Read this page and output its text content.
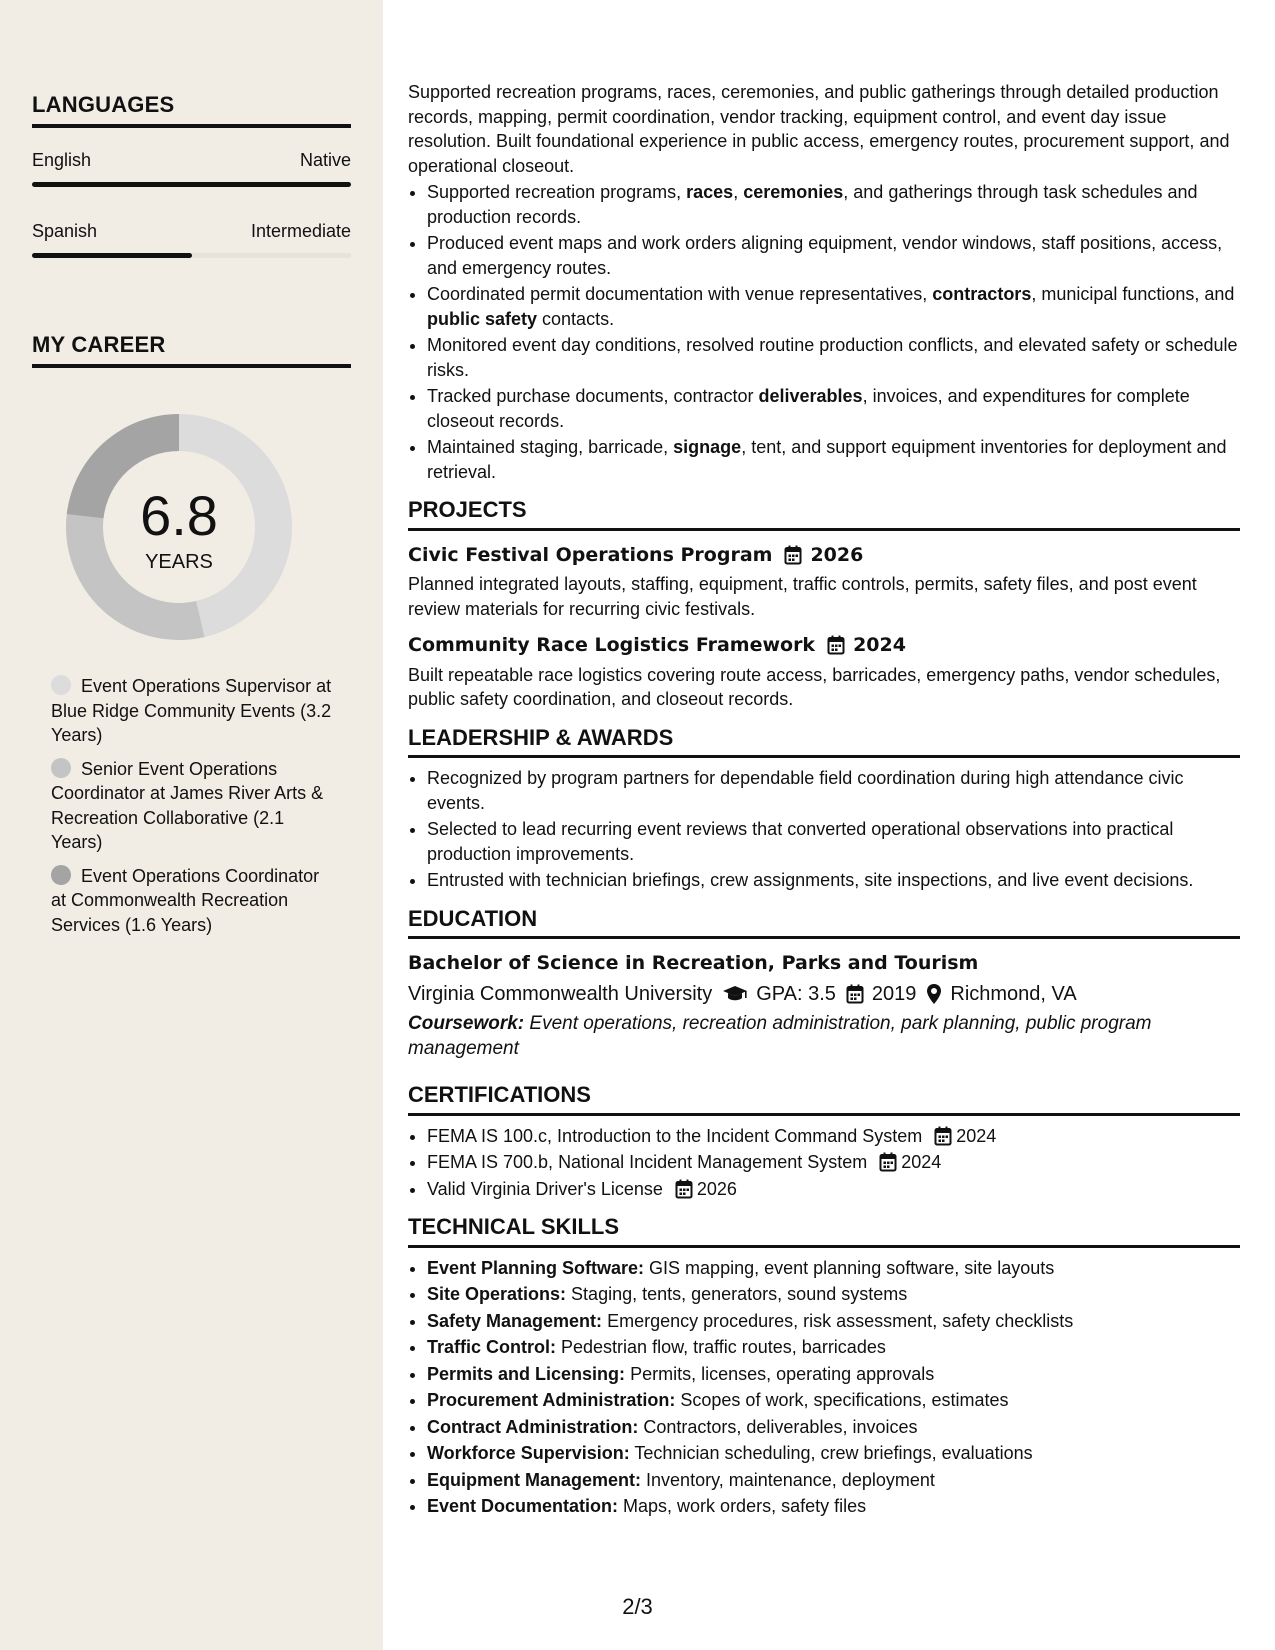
LANGUAGES
English	Native
Spanish	Intermediate
MY CAREER
6.8
YEARS
Event Operations Supervisor at Blue Ridge Community Events (3.2 Years)
Senior Event Operations Coordinator at James River Arts & Recreation Collaborative (2.1 Years)
Event Operations Coordinator at Commonwealth Recreation Services (1.6 Years)

Supported recreation programs, races, ceremonies, and public gatherings through detailed production records, mapping, permit coordination, vendor tracking, equipment control, and event day issue resolution. Built foundational experience in public access, emergency routes, procurement support, and operational closeout.

• Supported recreation programs, races, ceremonies, and gatherings through task schedules and production records.
• Produced event maps and work orders aligning equipment, vendor windows, staff positions, access, and emergency routes.
• Coordinated permit documentation with venue representatives, contractors, municipal functions, and public safety contacts.
• Monitored event day conditions, resolved routine production conflicts, and elevated safety or schedule risks.
• Tracked purchase documents, contractor deliverables, invoices, and expenditures for complete closeout records.
• Maintained staging, barricade, signage, tent, and support equipment inventories for deployment and retrieval.
PROJECTS
Civic Festival Operations Program 2026
Planned integrated layouts, staffing, equipment, traffic controls, permits, safety files, and post event review materials for recurring civic festivals.
Community Race Logistics Framework 2024
Built repeatable race logistics covering route access, barricades, emergency paths, vendor schedules, public safety coordination, and closeout records.
LEADERSHIP & AWARDS
• Recognized by program partners for dependable field coordination during high attendance civic events.
• Selected to lead recurring event reviews that converted operational observations into practical production improvements.
• Entrusted with technician briefings, crew assignments, site inspections, and live event decisions.
EDUCATION
Bachelor of Science in Recreation, Parks and Tourism
Virginia Commonwealth University GPA: 3.5 2019 Richmond, VA
Coursework: Event operations, recreation administration, park planning, public program management
CERTIFICATIONS
• FEMA IS 100.c, Introduction to the Incident Command System 2024
• FEMA IS 700.b, National Incident Management System 2024
• Valid Virginia Driver's License 2026
TECHNICAL SKILLS
• Event Planning Software: GIS mapping, event planning software, site layouts
• Site Operations: Staging, tents, generators, sound systems
• Safety Management: Emergency procedures, risk assessment, safety checklists
• Traffic Control: Pedestrian flow, traffic routes, barricades
• Permits and Licensing: Permits, licenses, operating approvals
• Procurement Administration: Scopes of work, specifications, estimates
• Contract Administration: Contractors, deliverables, invoices
• Workforce Supervision: Technician scheduling, crew briefings, evaluations
• Equipment Management: Inventory, maintenance, deployment
• Event Documentation: Maps, work orders, safety files
2/3
